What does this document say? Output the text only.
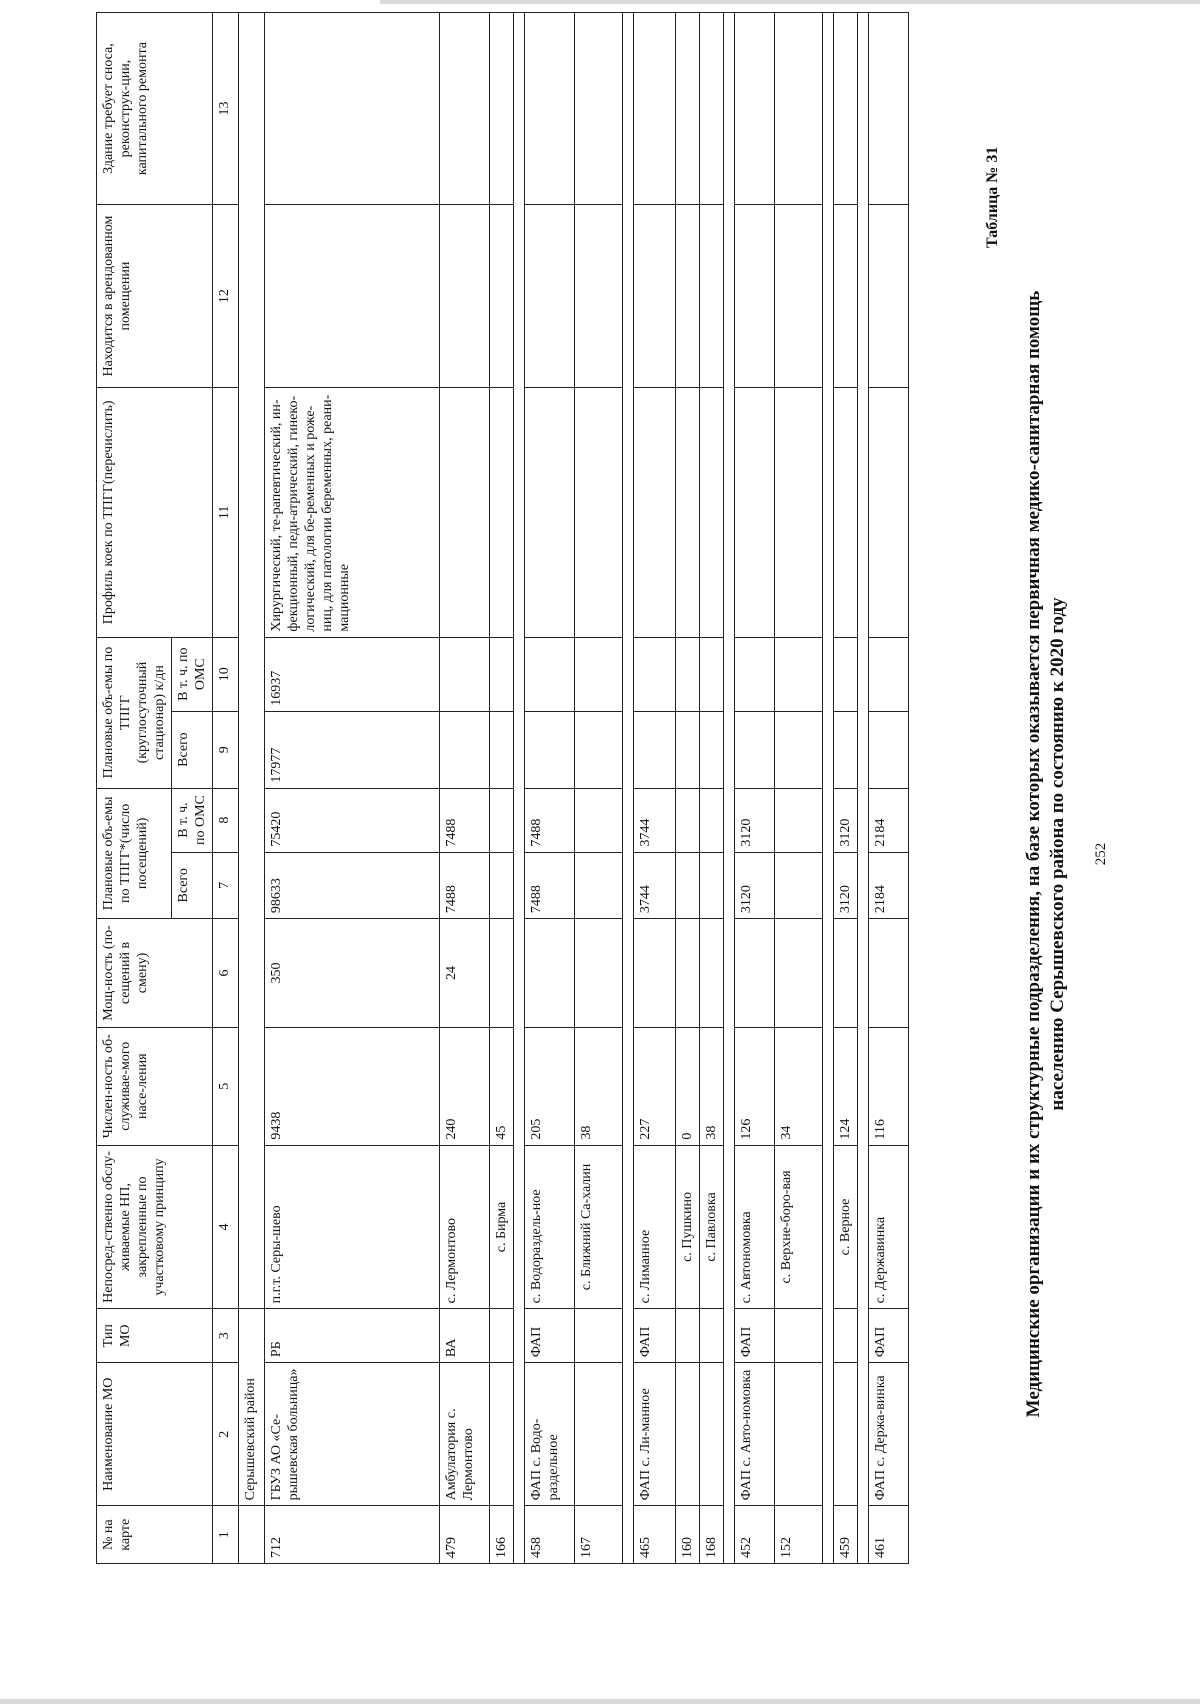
252
Медицинские организации и их структурные подразделения, на базе которых оказывается первичная медико-санитарная помощь населению Серышевского района по состоянию к 2020 году
Таблица № 31
№ на карте	Наименование МО	Тип МО	Непосред-ственно обслу-живаемые НП, закрепленные по участковому принципу	Числен-ность об-служивае-мого насе-ления	Мощ-ность (по-сещений в смену)	Плановые объ-емы по ТПГГ*(число посещений)		Плановые объ-емы по ТПГГ (круглосуточный стационар) к/дн		Профиль коек по ТПГГ(перечислить)	Находится в арендованном помещении	Здание требует сноса, реконструк-ции, капитального ремонта
						Всего	В т. ч. по ОМС	Всего	В т. ч. по ОМС			
1	2	3	4	5	6	7	8	9	10	11	12	13
	Серышевский район											
712	ГБУЗ АО «Се-рышевская больница»	РБ	п.г.т. Серы-шево	9438	350	98633	75420	17977	16937	Хирургический, те-рапевтический, ин-фекционный, педи-атрический, гинеко-логический, для бе-ременных и роже-ниц, для патологии беременных, реани-мационные		
479	Амбулатория с. Лермонтово	ВА	с. Лермонтово	240	24	7488	7488					
166			с. Бирма	45								

458	ФАП с. Водо-раздельное	ФАП	с. Водораздель-ное	205		7488	7488					
167			с. Ближний Са-халин	38								

465	ФАП с. Ли-манное	ФАП	с. Лиманное	227		3744	3744					
160			с. Пушкино	0								
168			с. Павловка	38								

452	ФАП с. Авто-номовка	ФАП	с. Автономовка	126		3120	3120					
152			с. Верхне-боро-вая	34								

459			с. Верное	124		3120	3120					

461	ФАП с. Держа-винка	ФАП	с. Державинка	116		2184	2184					
